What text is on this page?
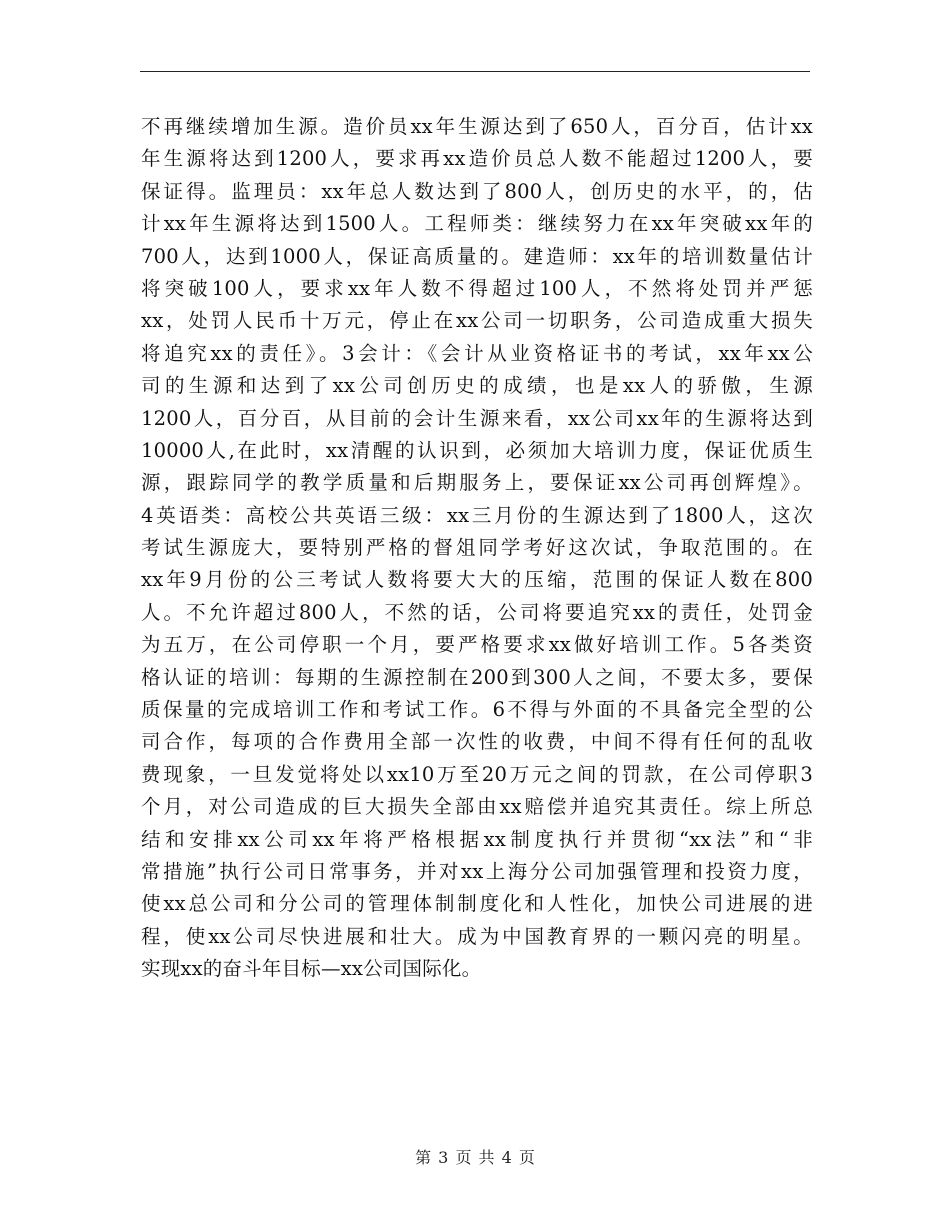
不再继续增加生源。造价员xx年生源达到了650人，百分百，估计xx
年生源将达到1200人，要求再xx造价员总人数不能超过1200人，要
保证得。监理员：xx年总人数达到了800人，创历史的水平，的，估
计xx年生源将达到1500人。工程师类：继续努力在xx年突破xx年的
700人，达到1000人，保证高质量的。建造师：xx年的培训数量估计
将突破100人，要求xx年人数不得超过100人，不然将处罚并严惩
xx，处罚人民币十万元，停止在xx公司一切职务，公司造成重大损失
将追究xx的责任》。3会计：《会计从业资格证书的考试，xx年xx公
司的生源和达到了xx公司创历史的成绩，也是xx人的骄傲，生源
1200人，百分百，从目前的会计生源来看，xx公司xx年的生源将达到
10000人,在此时，xx清醒的认识到，必须加大培训力度，保证优质生
源，跟踪同学的教学质量和后期服务上，要保证xx公司再创辉煌》。
4英语类：高校公共英语三级：xx三月份的生源达到了1800人，这次
考试生源庞大，要特别严格的督俎同学考好这次试，争取范围的。在
xx年9月份的公三考试人数将要大大的压缩，范围的保证人数在800
人。不允许超过800人，不然的话，公司将要追究xx的责任，处罚金
为五万，在公司停职一个月，要严格要求xx做好培训工作。5各类资
格认证的培训：每期的生源控制在200到300人之间，不要太多，要保
质保量的完成培训工作和考试工作。6不得与外面的不具备完全型的公
司合作，每项的合作费用全部一次性的收费，中间不得有任何的乱收
费现象，一旦发觉将处以xx10万至20万元之间的罚款，在公司停职3
个月，对公司造成的巨大损失全部由xx赔偿并追究其责任。综上所总
结和安排xx公司xx年将严格根据xx制度执行并贯彻“xx法”和“非
常措施”执行公司日常事务，并对xx上海分公司加强管理和投资力度，
使xx总公司和分公司的管理体制制度化和人性化，加快公司进展的进
程，使xx公司尽快进展和壮大。成为中国教育界的一颗闪亮的明星。
实现xx的奋斗年目标—xx公司国际化。
第 3 页 共 4 页
